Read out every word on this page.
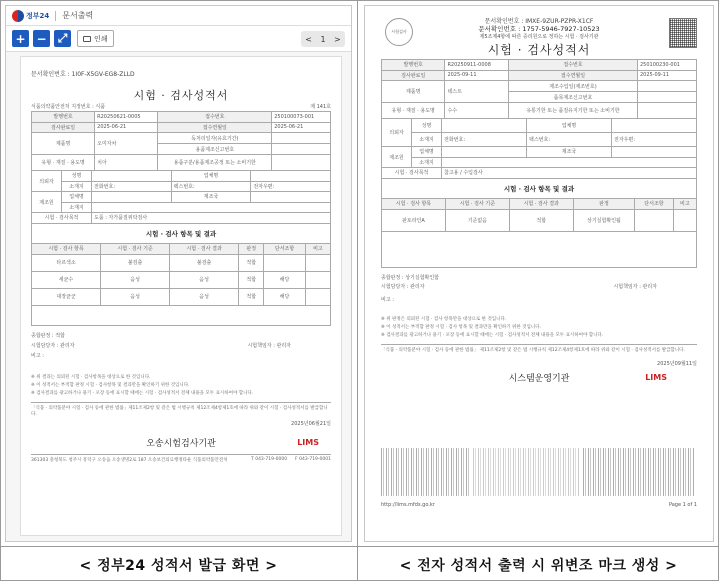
정부24 문서출력
+ − ⤢	인쇄	< 1 >
문서확인번호 : 1I0F-X5GV-EG8-ZLLD
시험 · 검사성적서
식품의약품안전처 지정번호 : 식품	제 141호
발행번호	R20250621-0005	접수번호	250100073-001
검사완료일	2025-06-21	접수연월일	2025-06-21
제품명	오미자차	독처리일자(유효기간)	
		용품제조신고번호	
유형 · 재질 · 용도명	치아	용품구분/용품제조공정 또는 소비기한	
의뢰자	성명		업체명	
	소재지	전화번호:	팩스번호:	전자우편:
제조원	업체명		제조국	
	소재지			
시험 · 검사목적		도품 : 자가품질위탁검사		
시험 · 검사 항목 및 결과					
시험 · 검사 항목	시험 · 검사 기준	시험 · 검사 결과	판정	단서조항	비고
타르색소	불검출	불검출	적합		
세균수	음성	음성	적합	해당	
대장균군	음성	음성	적합	해당	

종합판정 : 적합
시험담당자 : 관리자	시험책임자 : 관리자
비고 :
※ 위 결과는 의뢰된 시험 · 검사항목을 대상으로 한 것입니다.
※ 이 성적서는 부적합 판정 시험 · 검사항목 및 결과만을 확인하기 위한 것입니다.
※ 검사결과를 광고하거나 용기 · 포장 등에 표시할 때에는 시험 · 검사성적서 전체 내용을 모두 표시하여야 합니다.
「식품 · 의약품분야 시험 · 검사 등에 관한 법률」제11조제2항 및 같은 법 시행규칙 제12조제4항제1호에 따라 위와 같이 시험 · 검사성적서를 발급합니다.
2025년06월21일
오송시험검사기관	LIMS
361303 충청북도 청주시 흥덕구 오송읍 오송생명2로 187 오송보건의료행정타운 식품의약품안전처	T 043-719-0000 F 043-719-0001
시험검사
문서확인번호 : IMXE-9ZUR-PZPR-X1CF
문서확인번호 : 1757-5946-7927-10523
제5조제4항에 따른 증리원으로 정하는 시험 · 검사기관
시험 · 검사성적서
발행번호	R20250911-0008	접수번호	250100230-001
검사완료일	2025-09-11	접수연월일	2025-09-11
제품명	테스트	제조수입일(제조번호)	
		품목제조신고번호	
유형 · 재질 · 용도명	수수	유통기한 또는 품질유지기한 또는 소비기한	
의뢰자	성명		업체명	
	소재지	전화번호:	팩스번호:	전자우편:
제조원	업체명		제조국	
	소재지			
시험 · 검사목적		참고용 / 수입검사		
시험 · 검사 항목 및 결과					
시험 · 검사 항목	시험 · 검사 기준	시험 · 검사 결과	판정	단서조항	비고
판토라인A	기준없음	적합	상기실험확인됨		

종합판정 : 상기실험확인함
시험담당자 : 관리자	시험책임자 : 관리자
비고 :
※ 위 판정은 의뢰된 시험 · 검사 항목만을 대상으로 한 것입니다.
※ 이 성적서는 부적합 판정 시험 · 검사 항목 및 결과만을 확인하기 위한 것입니다.
※ 검사결과를 광고하거나 용기 · 포장 등에 표시할 때에는 시험 · 검사성적서 전체 내용을 모두 표시하여야 합니다.
「식품 · 의약품분야 시험 · 검사 등에 관한 법률」 제11조제2항 및 같은 법 시행규칙 제12조제4항제1호에 따라 위와 같이 시험 · 검사성적서를 발급합니다.
2025년09월11일
시스템운영기관	LIMS
http://lims.mfds.go.kr	Page 1 of 1
< 정부24 성적서 발급 화면 >	< 전자 성적서 출력 시 위변조 마크 생성 >
